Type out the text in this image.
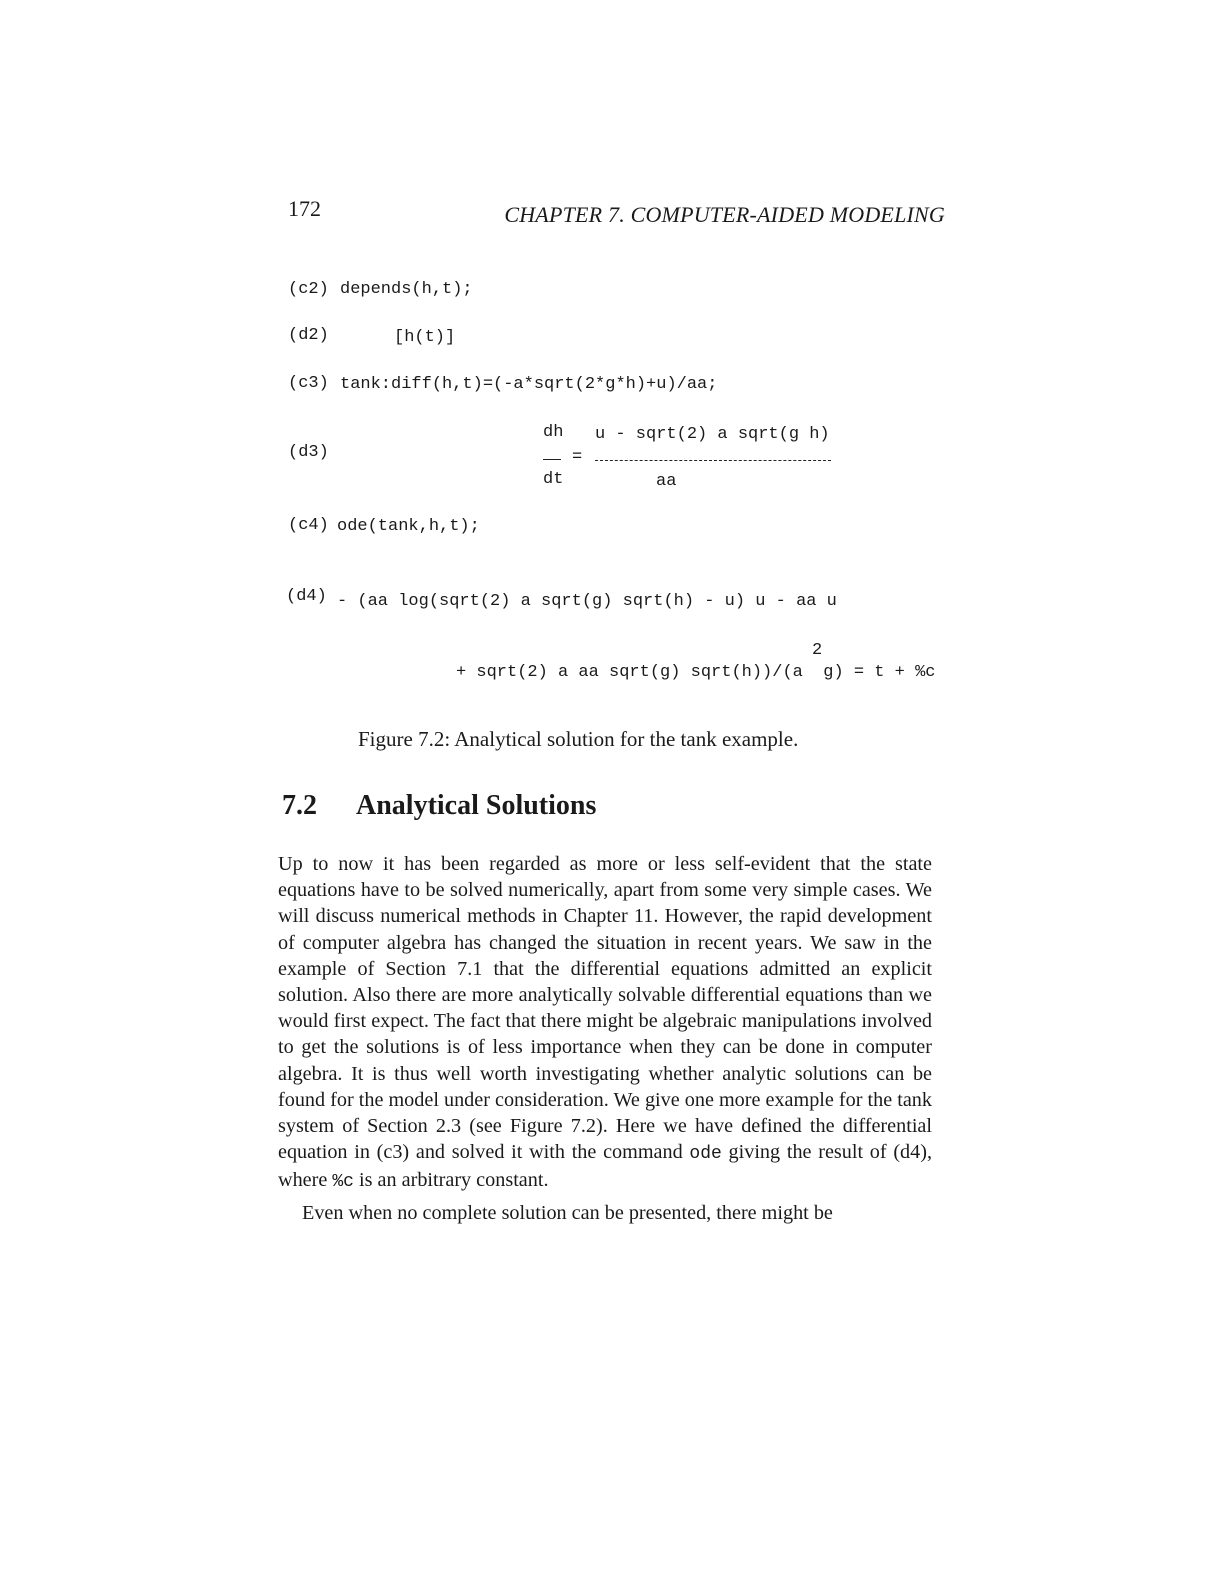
172	CHAPTER 7. COMPUTER-AIDED MODELING
(c2) depends(h,t);
(d2)	[h(t)]
(c3) tank:diff(h,t)=(-a*sqrt(2*g*h)+u)/aa;
(d3)
dh
dt
=
u - sqrt(2) a sqrt(g h)
aa
(c4) ode(tank,h,t);
(d4) - (aa log(sqrt(2) a sqrt(g) sqrt(h) - u) u - aa u
2
+ sqrt(2) a aa sqrt(g) sqrt(h))/(a  g) = t + %c
Figure 7.2: Analytical solution for the tank example.
7.2 Analytical Solutions

Up to now it has been regarded as more or less self-evident that the state equations have to be solved numerically, apart from some very simple cases. We will discuss numerical methods in Chapter 11. However, the rapid development of computer algebra has changed the situation in recent years. We saw in the example of Section 7.1 that the differential equations admitted an explicit solution. Also there are more analytically solvable differential equations than we would first expect. The fact that there might be algebraic manipulations involved to get the solutions is of less importance when they can be done in computer algebra. It is thus well worth investigating whether analytic solutions can be found for the model under consideration. We give one more example for the tank system of Section 2.3 (see Figure 7.2). Here we have defined the differential equation in (c3) and solved it with the command ode giving the result of (d4), where %c is an arbitrary constant.

Even when no complete solution can be presented, there might be
